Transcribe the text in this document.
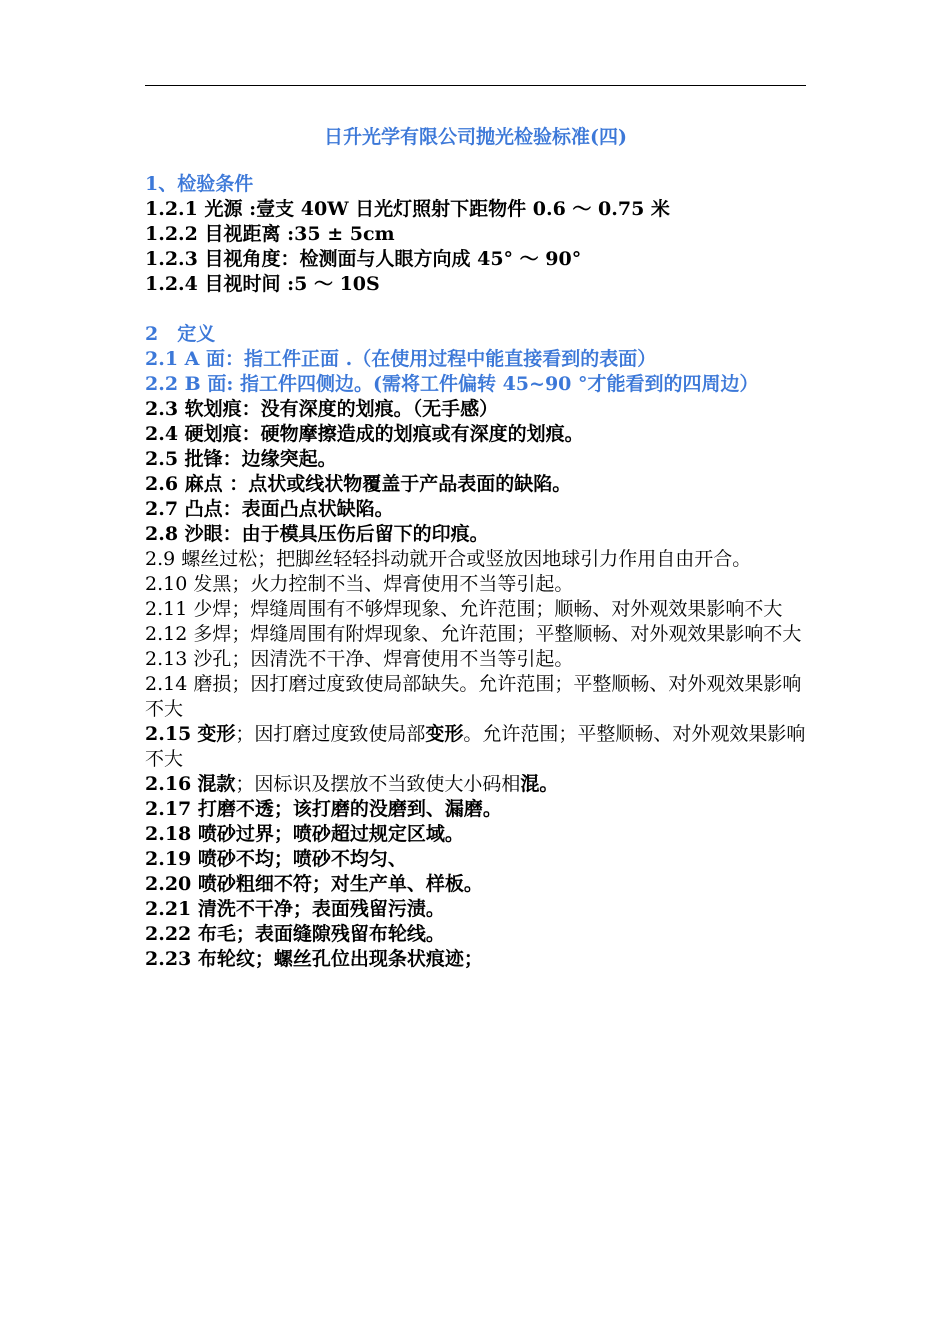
日升光学有限公司抛光检验标准(四)
1、检验条件
1.2.1 光源 :壹支 40W 日光灯照射下距物件 0.6 ～ 0.75 米
1.2.2 目视距离 :35 ± 5cm
1.2.3 目视角度：检测面与人眼方向成 45° ～ 90°
1.2.4 目视时间 :5 ～ 10S
2　定义
2.1 A 面：指工件正面 .（在使用过程中能直接看到的表面）
2.2 B 面: 指工件四侧边。(需将工件偏转 45~90 °才能看到的四周边）
2.3 软划痕：没有深度的划痕。（无手感）
2.4 硬划痕：硬物摩擦造成的划痕或有深度的划痕。
2.5 批锋：边缘突起。
2.6 麻点 ：点状或线状物覆盖于产品表面的缺陷。
2.7 凸点：表面凸点状缺陷。
2.8 沙眼：由于模具压伤后留下的印痕。
2.9 螺丝过松；把脚丝轻轻抖动就开合或竖放因地球引力作用自由开合。
2.10 发黑；火力控制不当、焊膏使用不当等引起。
2.11 少焊；焊缝周围有不够焊现象、允许范围；顺畅、对外观效果影响不大
2.12 多焊；焊缝周围有附焊现象、允许范围；平整顺畅、对外观效果影响不大
2.13 沙孔；因清洗不干净、焊膏使用不当等引起。
2.14 磨损；因打磨过度致使局部缺失。允许范围；平整顺畅、对外观效果影响不大
2.15 变形；因打磨过度致使局部变形。允许范围；平整顺畅、对外观效果影响不大
2.16 混款；因标识及摆放不当致使大小码相混。
2.17 打磨不透；该打磨的没磨到、漏磨。
2.18 喷砂过界；喷砂超过规定区域。
2.19 喷砂不均；喷砂不均匀、
2.20 喷砂粗细不符；对生产单、样板。
2.21 清洗不干净；表面残留污渍。
2.22 布毛；表面缝隙残留布轮线。
2.23 布轮纹；螺丝孔位出现条状痕迹；
